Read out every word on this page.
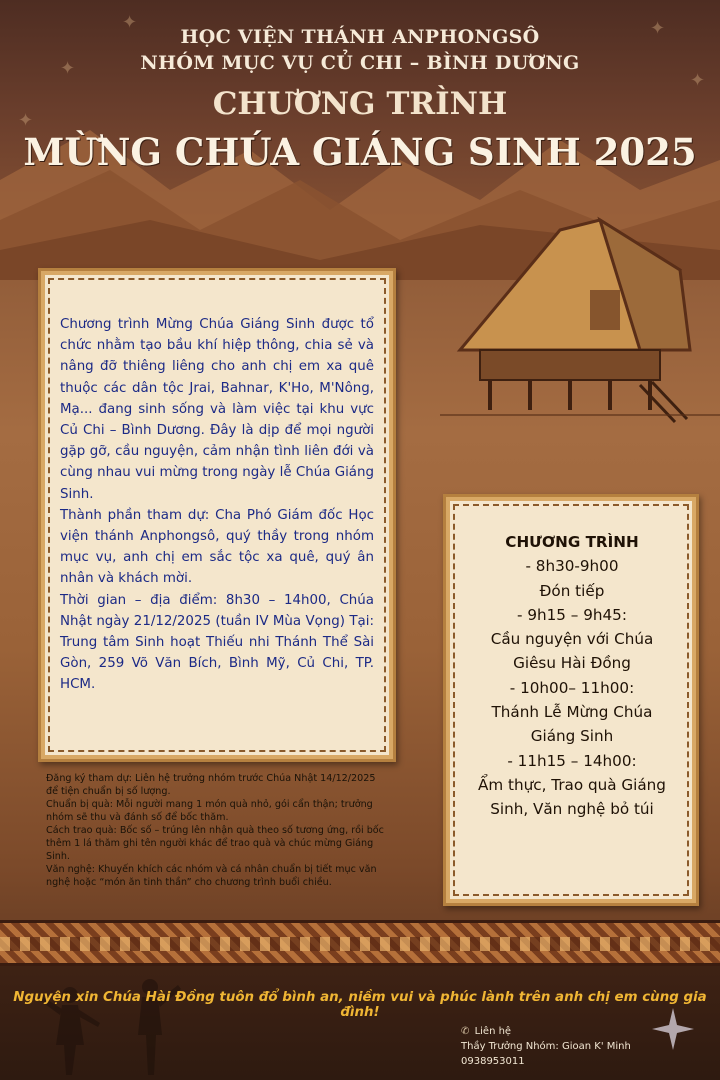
✦
✦
✦
✦
✦
HỌC VIỆN THÁNH ANPHONGSÔ
NHÓM MỤC VỤ CỦ CHI – BÌNH DƯƠNG
CHƯƠNG TRÌNH
MỪNG CHÚA GIÁNG SINH 2025

Chương trình Mừng Chúa Giáng Sinh được tổ chức nhằm tạo bầu khí hiệp thông, chia sẻ và nâng đỡ thiêng liêng cho anh chị em xa quê thuộc các dân tộc Jrai, Bahnar, K'Ho, M'Nông, Mạ... đang sinh sống và làm việc tại khu vực Củ Chi – Bình Dương. Đây là dịp để mọi người gặp gỡ, cầu nguyện, cảm nhận tình liên đới và cùng nhau vui mừng trong ngày lễ Chúa Giáng Sinh.

Thành phần tham dự: Cha Phó Giám đốc Học viện thánh Anphongsô, quý thầy trong nhóm mục vụ, anh chị em sắc tộc xa quê, quý ân nhân và khách mời.

Thời gian – địa điểm: 8h30 – 14h00, Chúa Nhật ngày 21/12/2025 (tuần IV Mùa Vọng) Tại: Trung tâm Sinh hoạt Thiếu nhi Thánh Thể Sài Gòn, 259 Võ Văn Bích, Bình Mỹ, Củ Chi, TP. HCM.

Đăng ký tham dự: Liên hệ trưởng nhóm trước Chúa Nhật 14/12/2025 để tiện chuẩn bị số lượng.

Chuẩn bị quà: Mỗi người mang 1 món quà nhỏ, gói cẩn thận; trưởng nhóm sẽ thu và đánh số để bốc thăm.

Cách trao quà: Bốc số – trúng lên nhận quà theo số tương ứng, rồi bốc thêm 1 lá thăm ghi tên người khác để trao quà và chúc mừng Giáng Sinh.

Văn nghệ: Khuyến khích các nhóm và cá nhân chuẩn bị tiết mục văn nghệ hoặc “món ăn tinh thần” cho chương trình buổi chiều.

CHƯƠNG TRÌNH
- 8h30-9h00
Đón tiếp
- 9h15 – 9h45:
Cầu nguyện với Chúa Giêsu Hài Đồng
- 10h00– 11h00:
Thánh Lễ Mừng Chúa Giáng Sinh
- 11h15 – 14h00:
Ẩm thực, Trao quà Giáng Sinh, Văn nghệ bỏ túi
Nguyện xin Chúa Hài Đồng tuôn đổ bình an, niềm vui và phúc lành trên anh chị em cùng gia đình!
✆ Liên hệ
Thầy Trưởng Nhóm: Gioan K' Minh
0938953011
